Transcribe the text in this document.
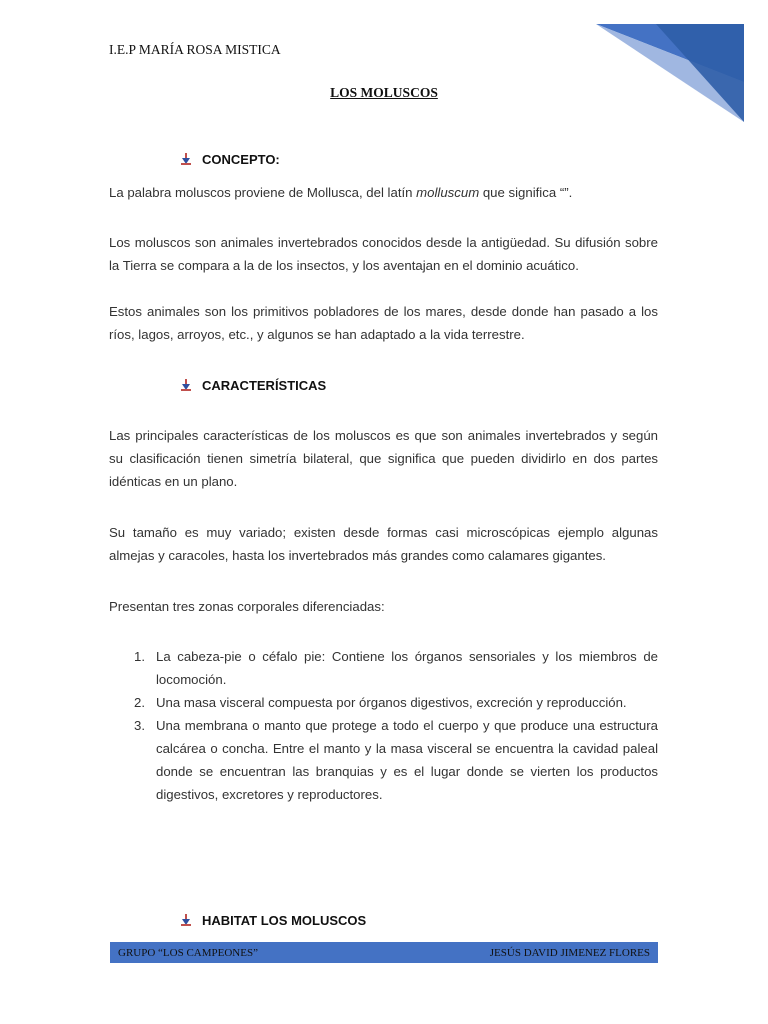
I.E.P MARÍA ROSA MISTICA
LOS MOLUSCOS
CONCEPTO:

La palabra moluscos proviene de Mollusca, del latín molluscum que significa “”.

Los moluscos son animales invertebrados conocidos desde la antigüedad. Su difusión sobre la Tierra se compara a la de los insectos, y los aventajan en el dominio acuático.

Estos animales son los primitivos pobladores de los mares, desde donde han pasado a los ríos, lagos, arroyos, etc., y algunos se han adaptado a la vida terrestre.

CARACTERÍSTICAS

Las principales características de los moluscos es que son animales invertebrados y según su clasificación tienen simetría bilateral, que significa que pueden dividirlo en dos partes idénticas en un plano.

Su tamaño es muy variado; existen desde formas casi microscópicas ejemplo algunas almejas y caracoles, hasta los invertebrados más grandes como calamares gigantes.

Presentan tres zonas corporales diferenciadas:

1. La cabeza-pie o céfalo pie: Contiene los órganos sensoriales y los miembros de locomoción.
2. Una masa visceral compuesta por órganos digestivos, excreción y reproducción.
3. Una membrana o manto que protege a todo el cuerpo y que produce una estructura calcárea o concha. Entre el manto y la masa visceral se encuentra la cavidad paleal donde se encuentran las branquias y es el lugar donde se vierten los productos digestivos, excretores y reproductores.
HABITAT LOS MOLUSCOS
GRUPO “LOS CAMPEONES”	JESÚS DAVID JIMENEZ FLORES
